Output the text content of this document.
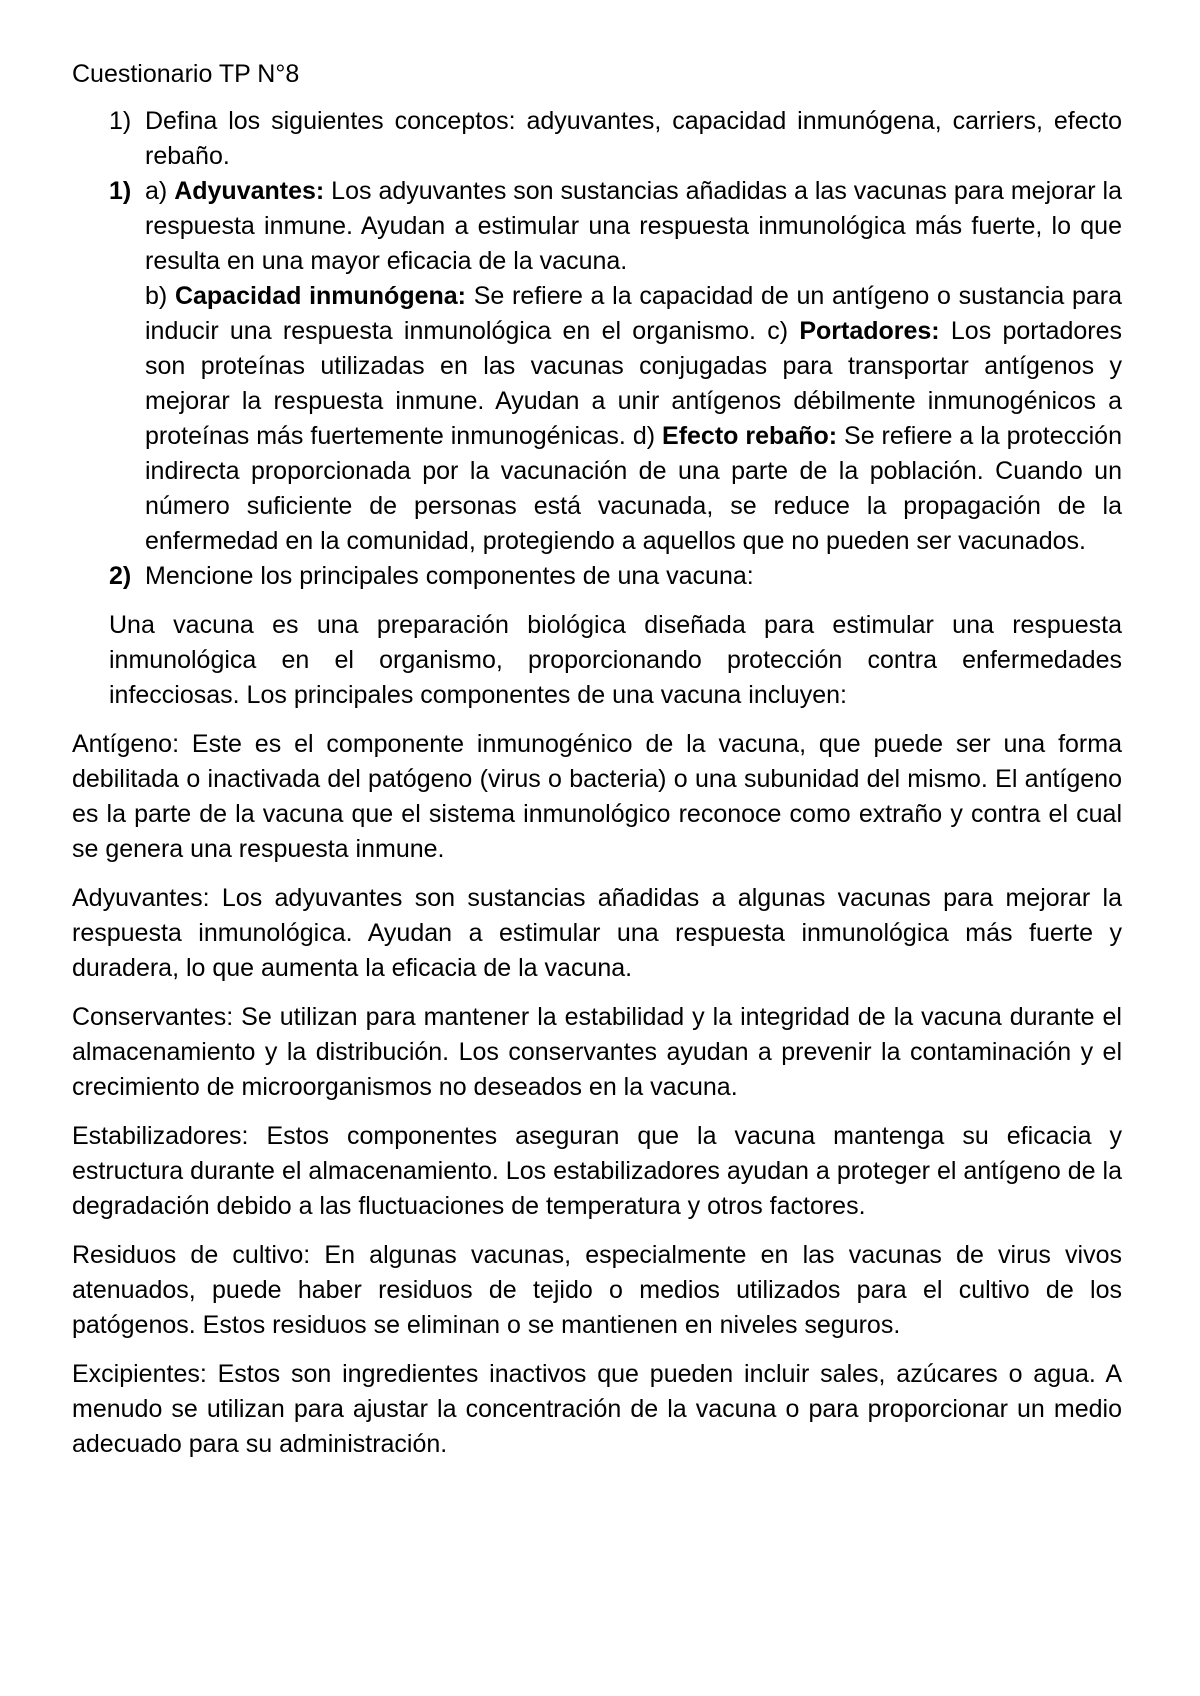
Cuestionario TP N°8
1) Defina los siguientes conceptos: adyuvantes, capacidad inmunógena, carriers, efecto rebaño.
1) a) Adyuvantes: Los adyuvantes son sustancias añadidas a las vacunas para mejorar la respuesta inmune. Ayudan a estimular una respuesta inmunológica más fuerte, lo que resulta en una mayor eficacia de la vacuna.
b) Capacidad inmunógena: Se refiere a la capacidad de un antígeno o sustancia para inducir una respuesta inmunológica en el organismo. c) Portadores: Los portadores son proteínas utilizadas en las vacunas conjugadas para transportar antígenos y mejorar la respuesta inmune. Ayudan a unir antígenos débilmente inmunogénicos a proteínas más fuertemente inmunogénicas. d) Efecto rebaño: Se refiere a la protección indirecta proporcionada por la vacunación de una parte de la población. Cuando un número suficiente de personas está vacunada, se reduce la propagación de la enfermedad en la comunidad, protegiendo a aquellos que no pueden ser vacunados.
2) Mencione los principales componentes de una vacuna:
Una vacuna es una preparación biológica diseñada para estimular una respuesta inmunológica en el organismo, proporcionando protección contra enfermedades infecciosas. Los principales componentes de una vacuna incluyen:
Antígeno: Este es el componente inmunogénico de la vacuna, que puede ser una forma debilitada o inactivada del patógeno (virus o bacteria) o una subunidad del mismo. El antígeno es la parte de la vacuna que el sistema inmunológico reconoce como extraño y contra el cual se genera una respuesta inmune.
Adyuvantes: Los adyuvantes son sustancias añadidas a algunas vacunas para mejorar la respuesta inmunológica. Ayudan a estimular una respuesta inmunológica más fuerte y duradera, lo que aumenta la eficacia de la vacuna.
Conservantes: Se utilizan para mantener la estabilidad y la integridad de la vacuna durante el almacenamiento y la distribución. Los conservantes ayudan a prevenir la contaminación y el crecimiento de microorganismos no deseados en la vacuna.
Estabilizadores: Estos componentes aseguran que la vacuna mantenga su eficacia y estructura durante el almacenamiento. Los estabilizadores ayudan a proteger el antígeno de la degradación debido a las fluctuaciones de temperatura y otros factores.
Residuos de cultivo: En algunas vacunas, especialmente en las vacunas de virus vivos atenuados, puede haber residuos de tejido o medios utilizados para el cultivo de los patógenos. Estos residuos se eliminan o se mantienen en niveles seguros.
Excipientes: Estos son ingredientes inactivos que pueden incluir sales, azúcares o agua. A menudo se utilizan para ajustar la concentración de la vacuna o para proporcionar un medio adecuado para su administración.
